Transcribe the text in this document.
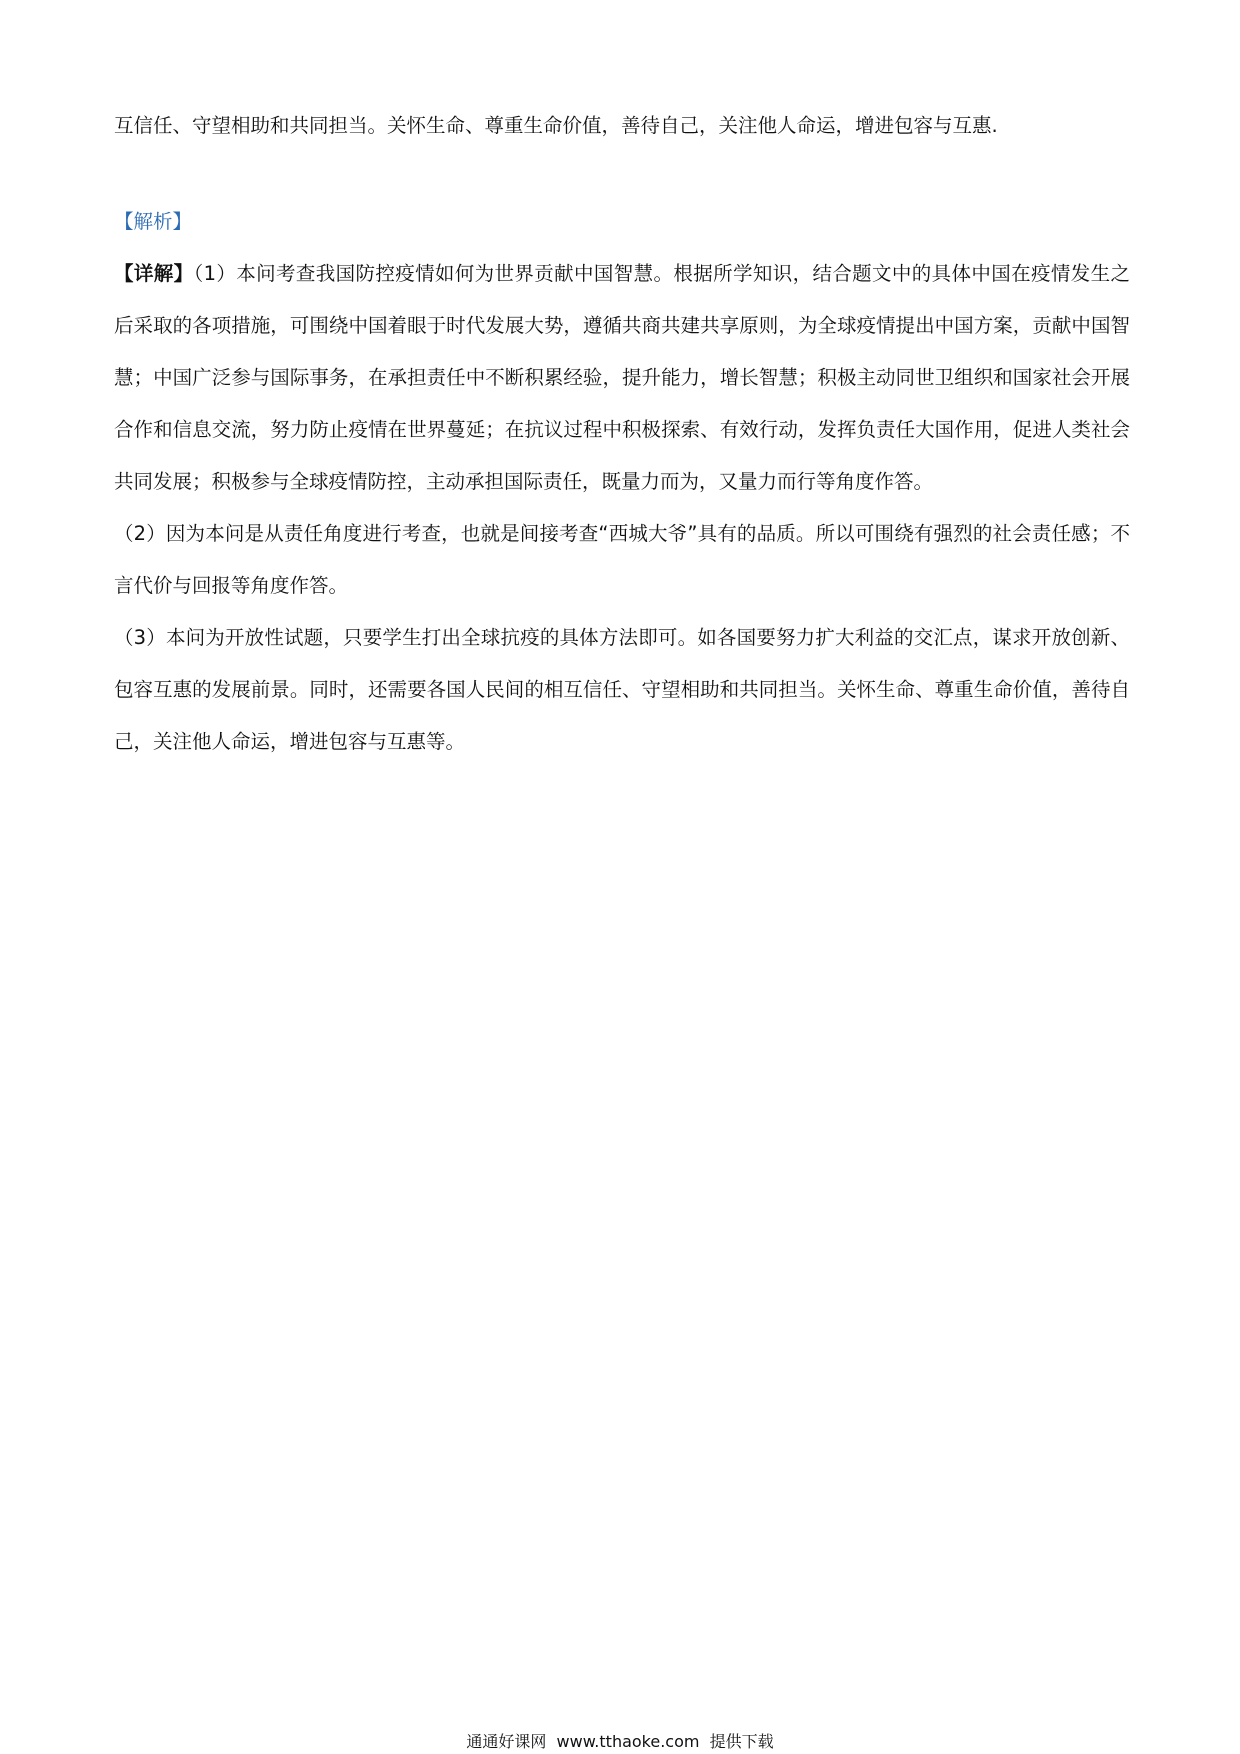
互信任、守望相助和共同担当。关怀生命、尊重生命价值，善待自己，关注他人命运，增进包容与互惠.

【解析】

【详解】（1）本问考查我国防控疫情如何为世界贡献中国智慧。根据所学知识，结合题文中的具体中国在疫情发生之后采取的各项措施，可围绕中国着眼于时代发展大势，遵循共商共建共享原则，为全球疫情提出中国方案，贡献中国智慧；中国广泛参与国际事务，在承担责任中不断积累经验，提升能力，增长智慧；积极主动同世卫组织和国家社会开展合作和信息交流，努力防止疫情在世界蔓延；在抗议过程中积极探索、有效行动，发挥负责任大国作用，促进人类社会共同发展；积极参与全球疫情防控，主动承担国际责任，既量力而为，又量力而行等角度作答。

（2）因为本问是从责任角度进行考查，也就是间接考查“西城大爷”具有的品质。所以可围绕有强烈的社会责任感；不言代价与回报等角度作答。

（3）本问为开放性试题，只要学生打出全球抗疫的具体方法即可。如各国要努力扩大利益的交汇点，谋求开放创新、包容互惠的发展前景。同时，还需要各国人民间的相互信任、守望相助和共同担当。关怀生命、尊重生命价值，善待自己，关注他人命运，增进包容与互惠等。

通通好课网  www.tthaoke.com  提供下载
